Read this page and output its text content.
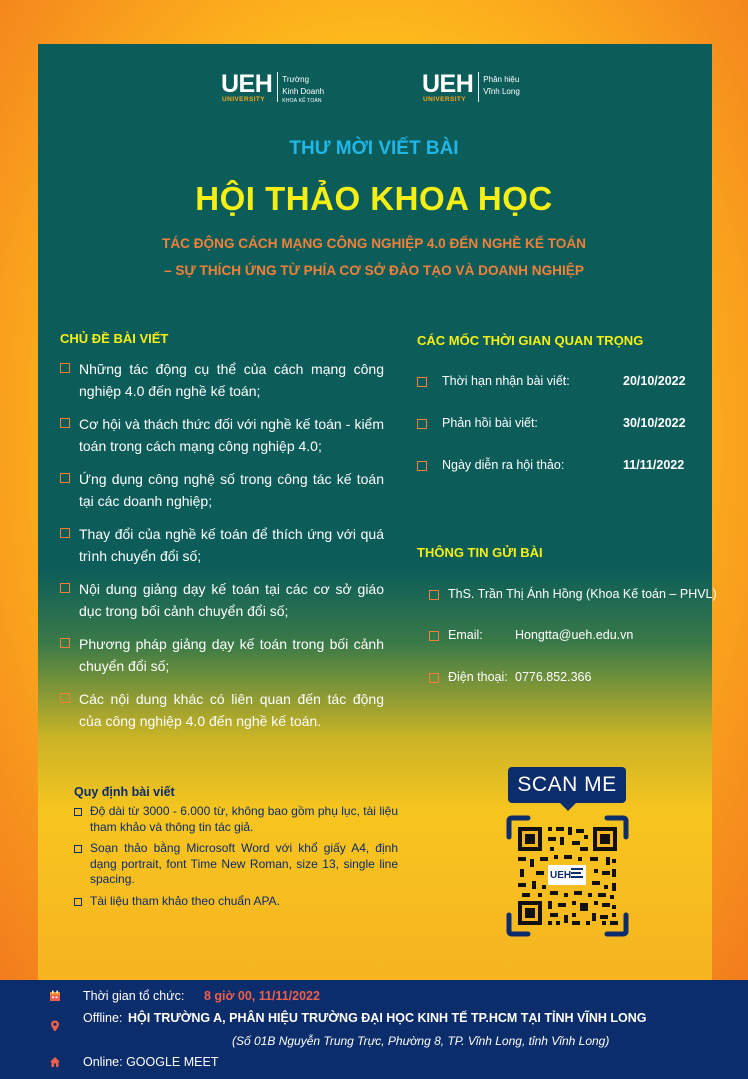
UEH
UNIVERSITY
Trường
Kinh Doanh
KHOA KẾ TOÁN
UEH
UNIVERSITY
Phân hiệu
Vĩnh Long
THƯ MỜI VIẾT BÀI
HỘI THẢO KHOA HỌC
TÁC ĐỘNG CÁCH MẠNG CÔNG NGHIỆP 4.0 ĐẾN NGHỀ KẾ TOÁN
– SỰ THÍCH ỨNG TỪ PHÍA CƠ SỞ ĐÀO TẠO VÀ DOANH NGHIỆP
CHỦ ĐỀ BÀI VIẾT
Những tác động cụ thể của cách mạng công nghiệp 4.0 đến nghề kế toán;
Cơ hội và thách thức đối với nghề kế toán - kiểm toán trong cách mạng công nghiệp 4.0;
Ứng dụng công nghệ số trong công tác kế toán tại các doanh nghiệp;
Thay đổi của nghề kế toán để thích ứng với quá trình chuyển đổi số;
Nội dung giảng dạy kế toán tại các cơ sở giáo dục trong bối cảnh chuyển đổi số;
Phương pháp giảng dạy kế toán trong bối cảnh chuyển đổi số;
Các nội dung khác có liên quan đến tác động của công nghiệp 4.0 đến nghề kế toán.
CÁC MỐC THỜI GIAN QUAN TRỌNG
Thời hạn nhận bài viết:	20/10/2022
Phản hồi bài viết:	30/10/2022
Ngày diễn ra hội thảo:	11/11/2022
THÔNG TIN GỬI BÀI
ThS. Trần Thị Ánh Hồng (Khoa Kế toán – PHVL)
Email:	Hongtta@ueh.edu.vn
Điện thoại: 0776.852.366
Quy định bài viết
Độ dài từ 3000 - 6.000 từ, không bao gồm phụ lục, tài liệu tham khảo và thông tin tác giả.
Soạn thảo bằng Microsoft Word với khổ giấy A4, định dạng portrait, font Time New Roman, size 13, single line spacing.
Tài liệu tham khảo theo chuẩn APA.
SCAN ME
UEH
Thời gian tổ chức: 8 giờ 00, 11/11/2022
Offline: HỘI TRƯỜNG A, PHÂN HIỆU TRƯỜNG ĐẠI HỌC KINH TẾ TP.HCM TẠI TỈNH VĨNH LONG
(Số 01B Nguyễn Trung Trực, Phường 8, TP. Vĩnh Long, tỉnh Vĩnh Long)
Online: GOOGLE MEET
